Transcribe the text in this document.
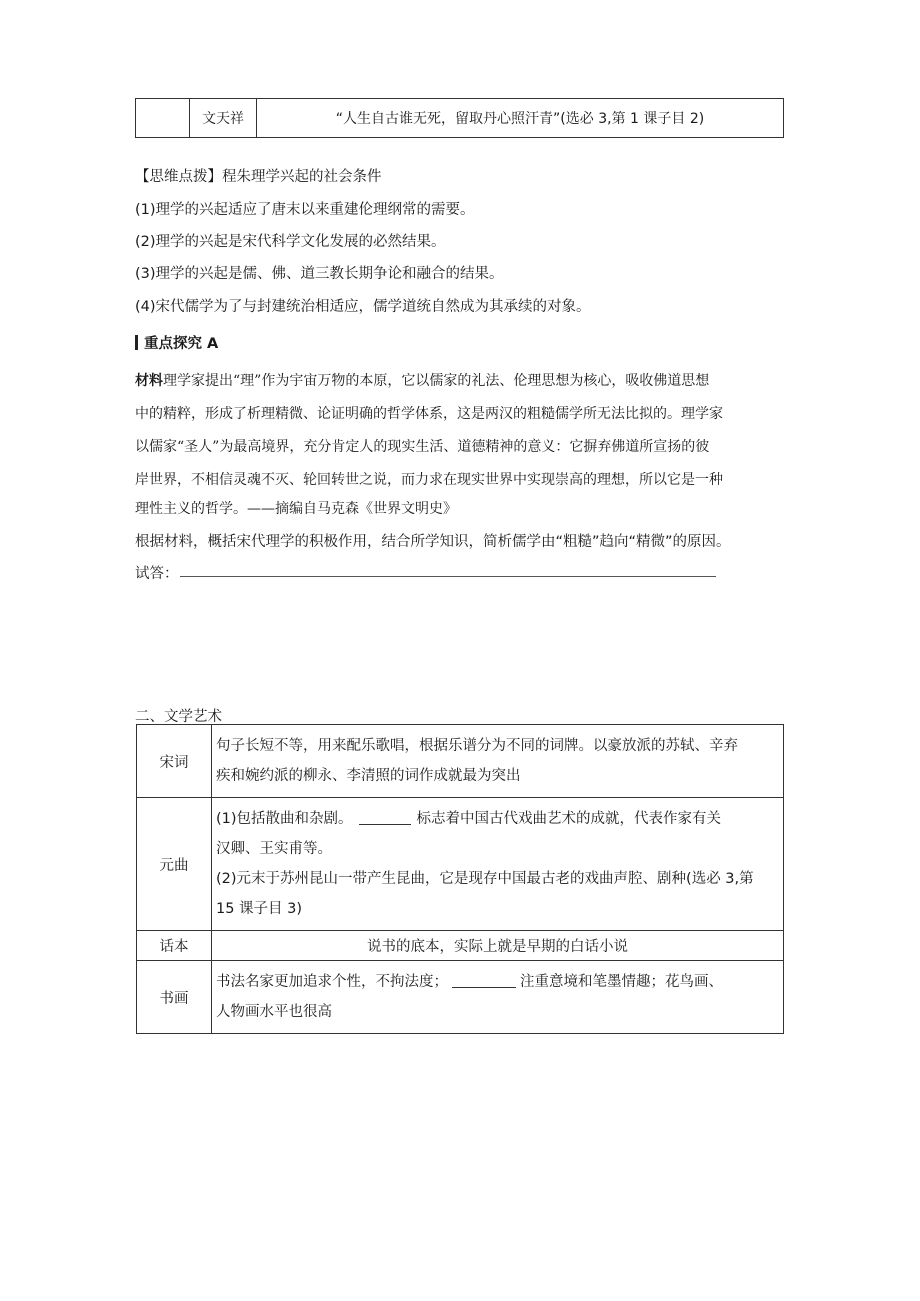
	文天祥	“人生自古谁无死，留取丹心照汗青”(选必 3,第 1 课子目 2)
【思维点拨】程朱理学兴起的社会条件
(1)理学的兴起适应了唐末以来重建伦理纲常的需要。
(2)理学的兴起是宋代科学文化发展的必然结果。
(3)理学的兴起是儒、佛、道三教长期争论和融合的结果。
(4)宋代儒学为了与封建统治相适应，儒学道统自然成为其承续的对象。
重点探究 A
材料理学家提出“理”作为宇宙万物的本原，它以儒家的礼法、伦理思想为核心，吸收佛道思想
中的精粹，形成了析理精微、论证明确的哲学体系，这是两汉的粗糙儒学所无法比拟的。理学家
以儒家“圣人”为最高境界，充分肯定人的现实生活、道德精神的意义：它摒弃佛道所宣扬的彼
岸世界，不相信灵魂不灭、轮回转世之说，而力求在现实世界中实现崇高的理想，所以它是一种
理性主义的哲学。——摘编自马克森《世界文明史》
根据材料，概括宋代理学的积极作用，结合所学知识，简析儒学由“粗糙”趋向“精微”的原因。
试答：
二、文学艺术
宋词	句子长短不等，用来配乐歌唱，根据乐谱分为不同的词牌。以豪放派的苏轼、辛弃
疾和婉约派的柳永、李清照的词作成就最为突出

元曲	(1)包括散曲和杂剧。 标志着中国古代戏曲艺术的成就，代表作家有关
汉卿、王实甫等。
(2)元末于苏州昆山一带产生昆曲，它是现存中国最古老的戏曲声腔、剧种(选必 3,第
15 课子目 3)

话本	说书的底本，实际上就是早期的白话小说
书画	书法名家更加追求个性，不拘法度； 注重意境和笔墨情趣；花鸟画、
人物画水平也很高
